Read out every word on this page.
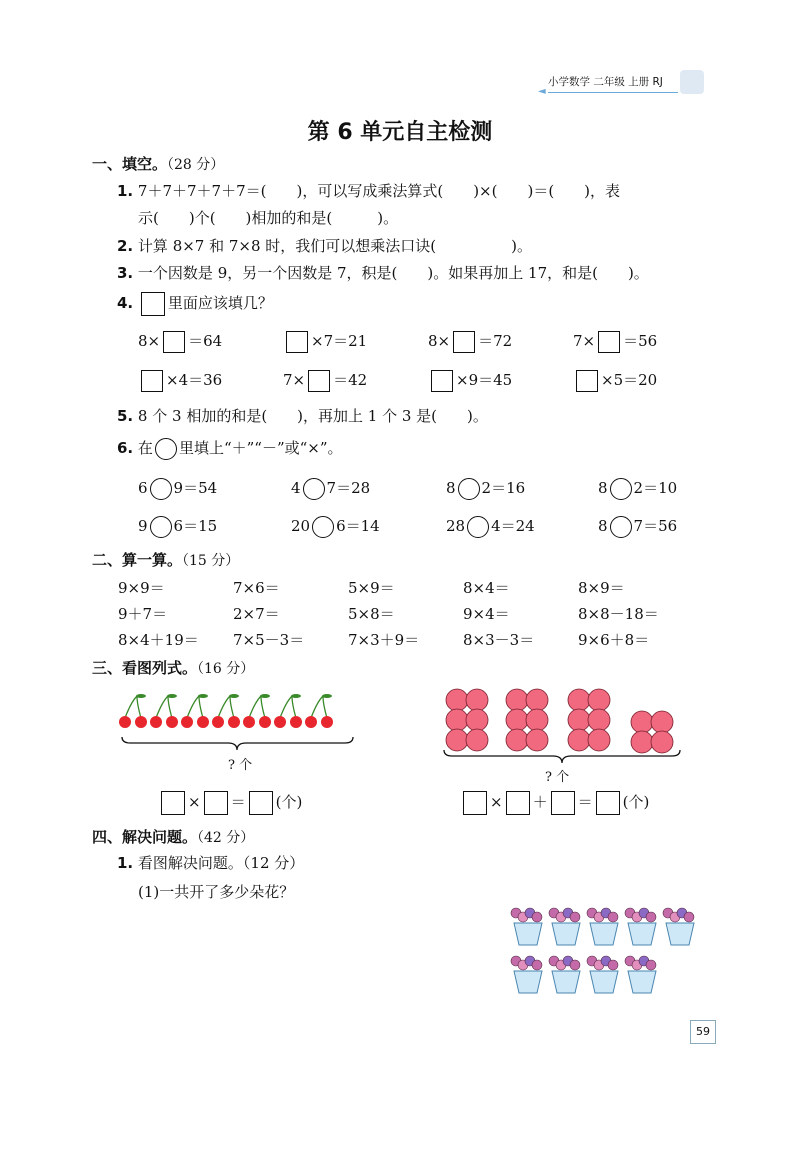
◄
小学数学 二年级 上册 RJ
第 6 单元自主检测
一、填空。（28 分）
1. 7＋7＋7＋7＋7＝(　　)，可以写成乘法算式(　　)×(　　)＝(　　)，表
示(　　)个(　　)相加的和是(　　　)。
2. 计算 8×7 和 7×8 时，我们可以想乘法口诀(　　　　　)。
3. 一个因数是 9，另一个因数是 7，积是(　　)。如果再加上 17，和是(　　)。
4. 里面应该填几？
8× ＝64	×7＝21	8× ＝72	7× ＝56
×4＝36	7× ＝42	×9＝45	×5＝20
5. 8 个 3 相加的和是(　　)，再加上 1 个 3 是(　　)。
6. 在 里填上“＋”“－”或“×”。
6 9＝54	4 7＝28	8 2＝16	8 2＝10
9 6＝15	20 6＝14	28 4＝24	8 7＝56
二、算一算。（15 分）
9×9＝	7×6＝	5×9＝	8×4＝	8×9＝
9＋7＝	2×7＝	5×8＝	9×4＝	8×8－18＝
8×4＋19＝ 7×5－3＝	7×3＋9＝	8×3－3＝	9×6＋8＝
三、看图列式。（16 分）
? 个
× ＝ (个)
? 个
× ＋ ＝ (个)
四、解决问题。（42 分）
1. 看图解决问题。（12 分）
(1)一共开了多少朵花？
59
